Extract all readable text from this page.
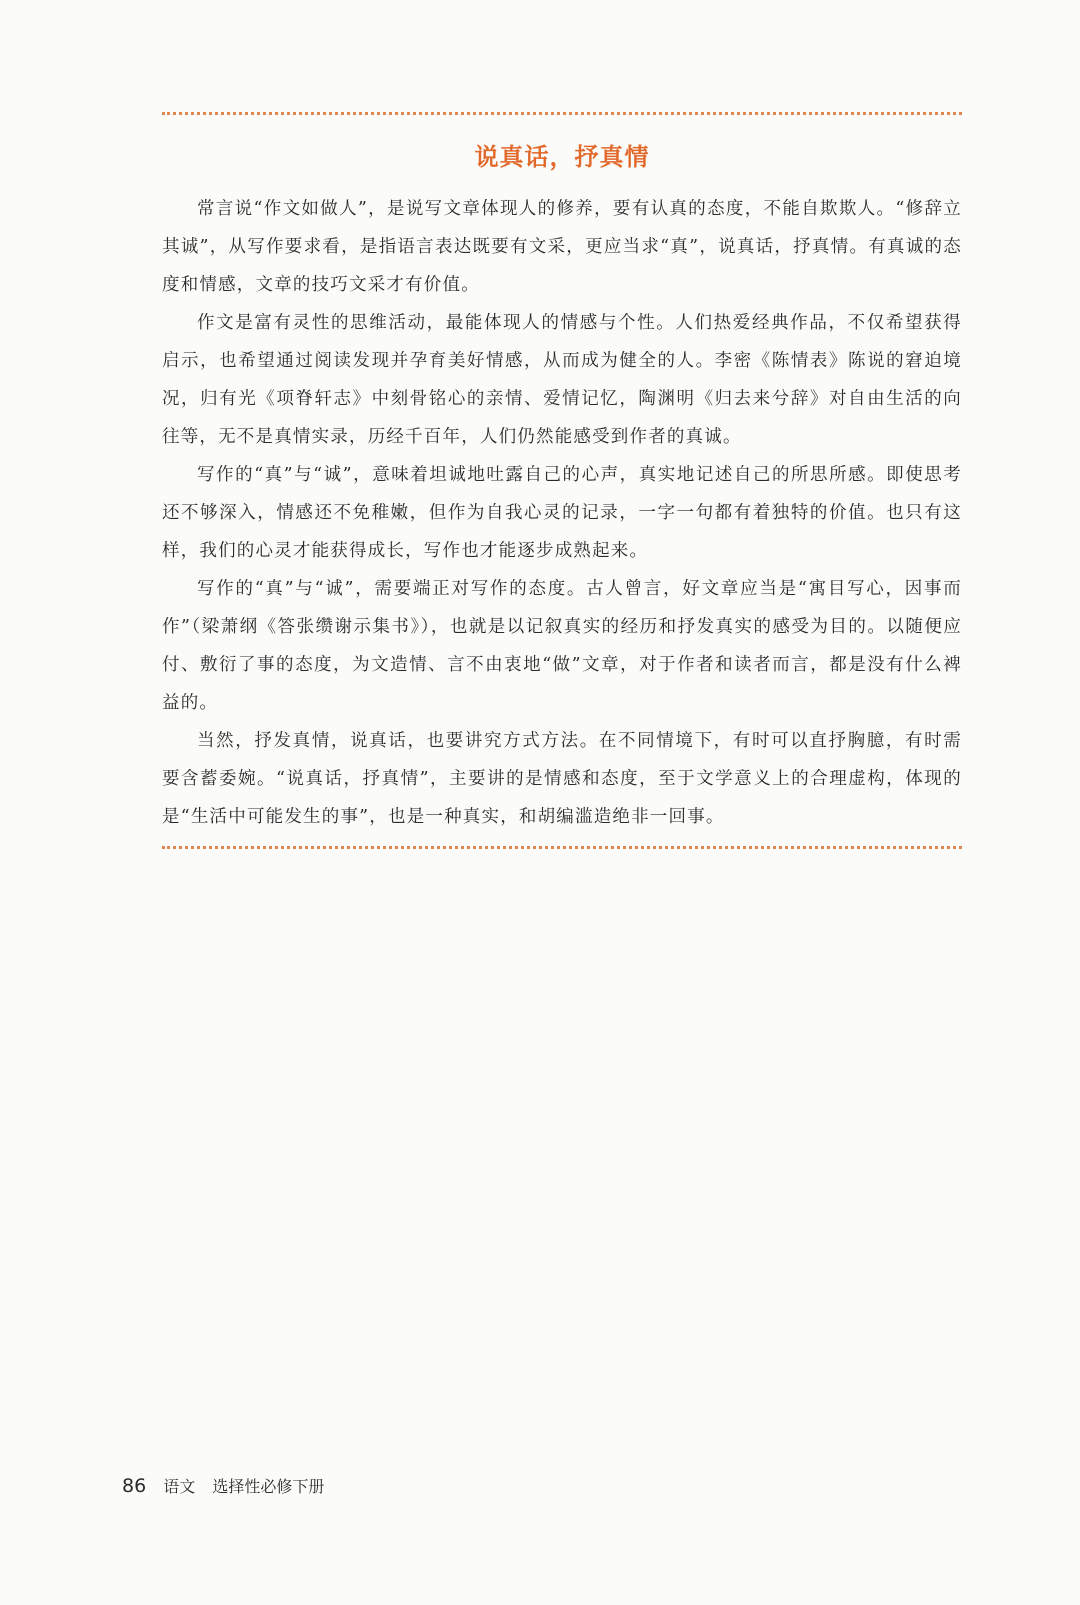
说真话，抒真情

常言说“作文如做人”，是说写文章体现人的修养，要有认真的态度，不能自欺欺人。“修辞立其诚”，从写作要求看，是指语言表达既要有文采，更应当求“真”，说真话，抒真情。有真诚的态度和情感，文章的技巧文采才有价值。

作文是富有灵性的思维活动，最能体现人的情感与个性。人们热爱经典作品，不仅希望获得启示，也希望通过阅读发现并孕育美好情感，从而成为健全的人。李密《陈情表》陈说的窘迫境况，归有光《项脊轩志》中刻骨铭心的亲情、爱情记忆，陶渊明《归去来兮辞》对自由生活的向往等，无不是真情实录，历经千百年，人们仍然能感受到作者的真诚。

写作的“真”与“诚”，意味着坦诚地吐露自己的心声，真实地记述自己的所思所感。即使思考还不够深入，情感还不免稚嫩，但作为自我心灵的记录，一字一句都有着独特的价值。也只有这样，我们的心灵才能获得成长，写作也才能逐步成熟起来。

写作的“真”与“诚”，需要端正对写作的态度。古人曾言，好文章应当是“寓目写心，因事而作”（梁萧纲《答张缵谢示集书》），也就是以记叙真实的经历和抒发真实的感受为目的。以随便应付、敷衍了事的态度，为文造情、言不由衷地“做”文章，对于作者和读者而言，都是没有什么裨益的。

当然，抒发真情，说真话，也要讲究方式方法。在不同情境下，有时可以直抒胸臆，有时需要含蓄委婉。“说真话，抒真情”，主要讲的是情感和态度，至于文学意义上的合理虚构，体现的是“生活中可能发生的事”，也是一种真实，和胡编滥造绝非一回事。

86 语文 选择性必修下册
